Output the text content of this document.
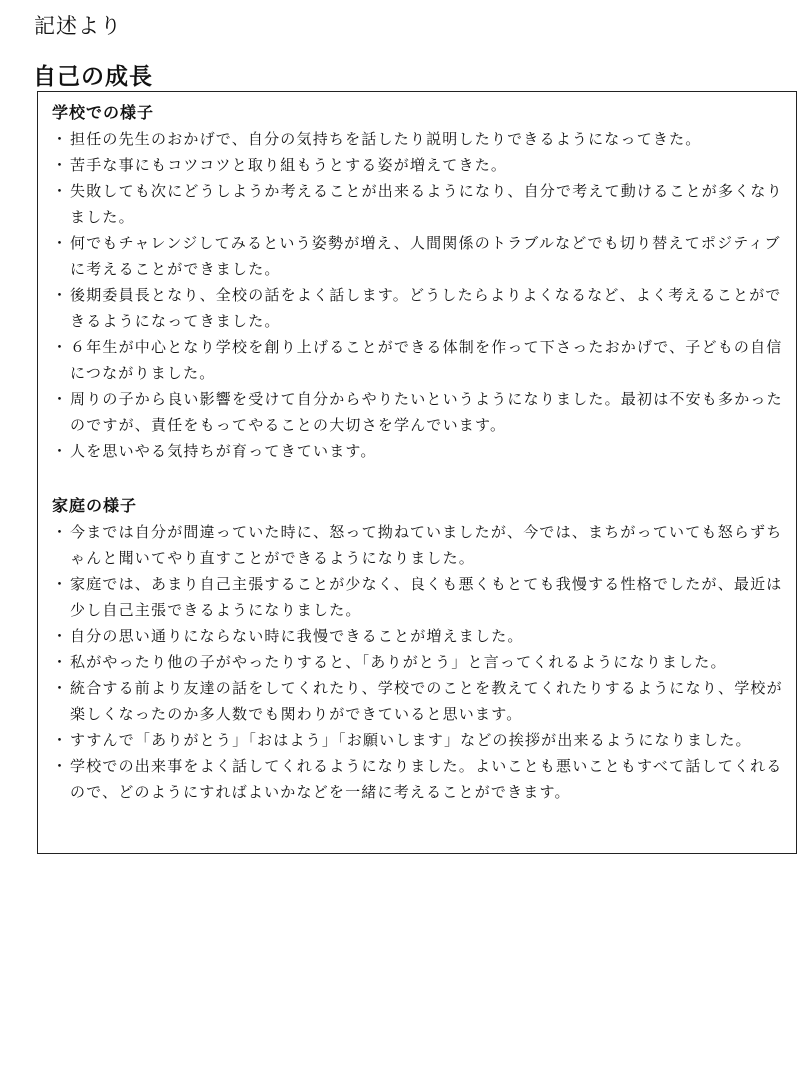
記述より
自己の成長
学校での様子
・ 担任の先生のおかげで、自分の気持ちを話したり説明したりできるようになってきた。
・ 苦手な事にもコツコツと取り組もうとする姿が増えてきた。
・ 失敗しても次にどうしようか考えることが出来るようになり、自分で考えて動けることが多くなりました。
・ 何でもチャレンジしてみるという姿勢が増え、人間関係のトラブルなどでも切り替えてポジティブに考えることができました。
・ 後期委員長となり、全校の話をよく話します。どうしたらよりよくなるなど、よく考えることができるようになってきました。
・ ６年生が中心となり学校を創り上げることができる体制を作って下さったおかげで、子どもの自信につながりました。
・ 周りの子から良い影響を受けて自分からやりたいというようになりました。最初は不安も多かったのですが、責任をもってやることの大切さを学んでいます。
・ 人を思いやる気持ちが育ってきています。
家庭の様子
・ 今までは自分が間違っていた時に、怒って拗ねていましたが、今では、まちがっていても怒らずちゃんと聞いてやり直すことができるようになりました。
・ 家庭では、あまり自己主張することが少なく、良くも悪くもとても我慢する性格でしたが、最近は少し自己主張できるようになりました。
・ 自分の思い通りにならない時に我慢できることが増えました。
・ 私がやったり他の子がやったりすると、「ありがとう」と言ってくれるようになりました。
・ 統合する前より友達の話をしてくれたり、学校でのことを教えてくれたりするようになり、学校が楽しくなったのか多人数でも関わりができていると思います。
・ すすんで「ありがとう」「おはよう」「お願いします」などの挨拶が出来るようになりました。
・ 学校での出来事をよく話してくれるようになりました。よいことも悪いこともすべて話してくれるので、どのようにすればよいかなどを一緒に考えることができます。
